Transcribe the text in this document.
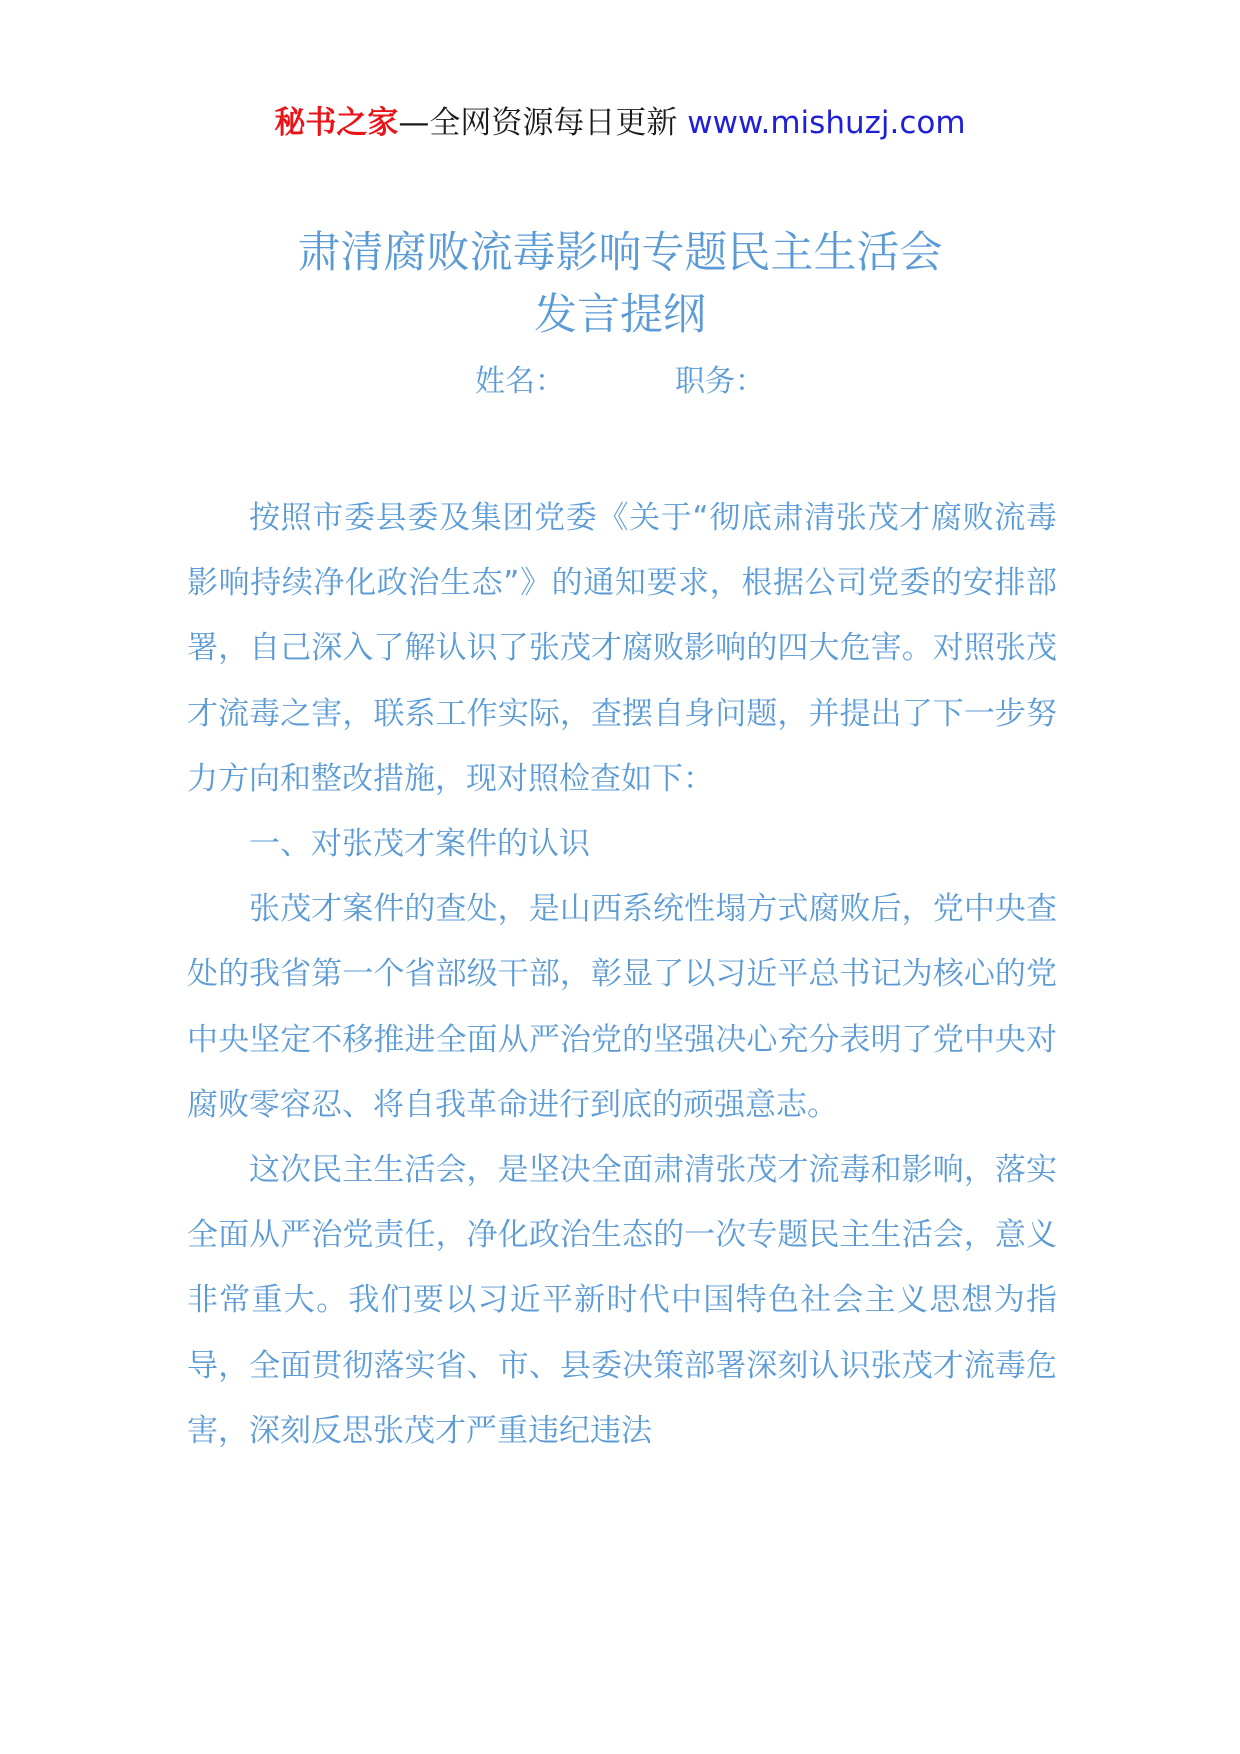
秘书之家—全网资源每日更新 www.mishuzj.com
肃清腐败流毒影响专题民主生活会
发言提纲
姓名：	职务：

按照市委县委及集团党委《关于“彻底肃清张茂才腐败流毒影响持续净化政治生态”》的通知要求，根据公司党委的安排部署，自己深入了解认识了张茂才腐败影响的四大危害。对照张茂才流毒之害，联系工作实际，查摆自身问题，并提出了下一步努力方向和整改措施，现对照检查如下：

一、对张茂才案件的认识

张茂才案件的查处，是山西系统性塌方式腐败后，党中央查处的我省第一个省部级干部，彰显了以习近平总书记为核心的党中央坚定不移推进全面从严治党的坚强决心充分表明了党中央对腐败零容忍、将自我革命进行到底的顽强意志。

这次民主生活会，是坚决全面肃清张茂才流毒和影响，落实全面从严治党责任，净化政治生态的一次专题民主生活会，意义非常重大。我们要以习近平新时代中国特色社会主义思想为指导，全面贯彻落实省、市、县委决策部署深刻认识张茂才流毒危害，深刻反思张茂才严重违纪违法
